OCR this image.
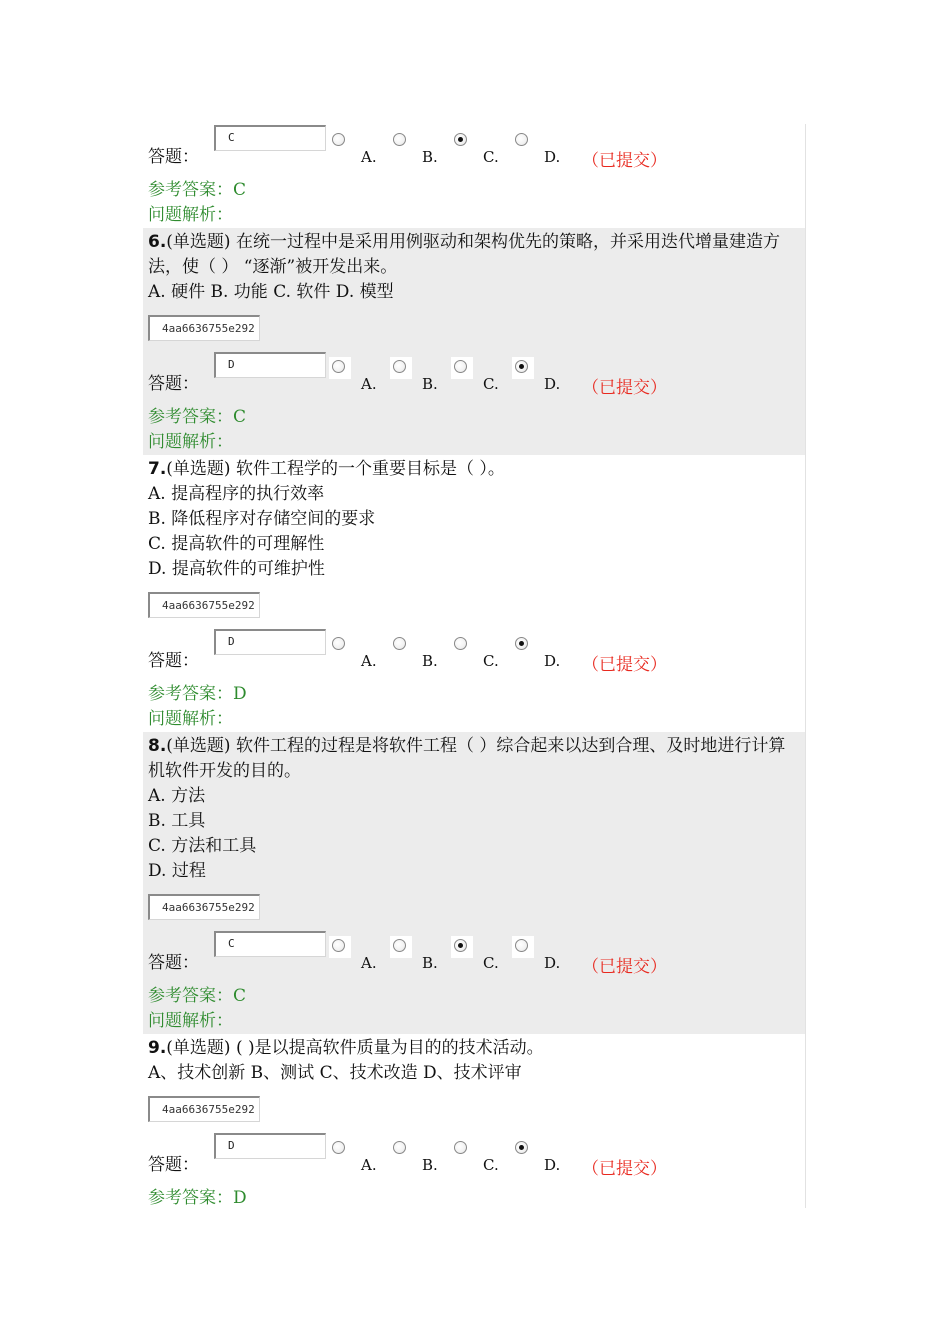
答题：
C
A.	B.	C.	D. （已提交）
参考答案：C
问题解析：
6.(单选题) 在统一过程中是采用用例驱动和架构优先的策略，并采用迭代增量建造方法，使（ ） “逐渐”被开发出来。
A. 硬件 B. 功能 C. 软件 D. 模型
4aa6636755e292
答题：
D
A.	B.	C.	D. （已提交）
参考答案：C
问题解析：
7.(单选题) 软件工程学的一个重要目标是（ ）。
A. 提高程序的执行效率
B. 降低程序对存储空间的要求
C. 提高软件的可理解性
D. 提高软件的可维护性
4aa6636755e292
答题：
D
A.	B.	C.	D. （已提交）
参考答案：D
问题解析：
8.(单选题) 软件工程的过程是将软件工程（ ）综合起来以达到合理、及时地进行计算机软件开发的目的。
A. 方法
B. 工具
C. 方法和工具
D. 过程
4aa6636755e292
答题：
C
A.	B.	C.	D. （已提交）
参考答案：C
问题解析：
9.(单选题) ( )是以提高软件质量为目的的技术活动。
A、技术创新 B、测试 C、技术改造 D、技术评审
4aa6636755e292
答题：
D
A.	B.	C.	D. （已提交）
参考答案：D
